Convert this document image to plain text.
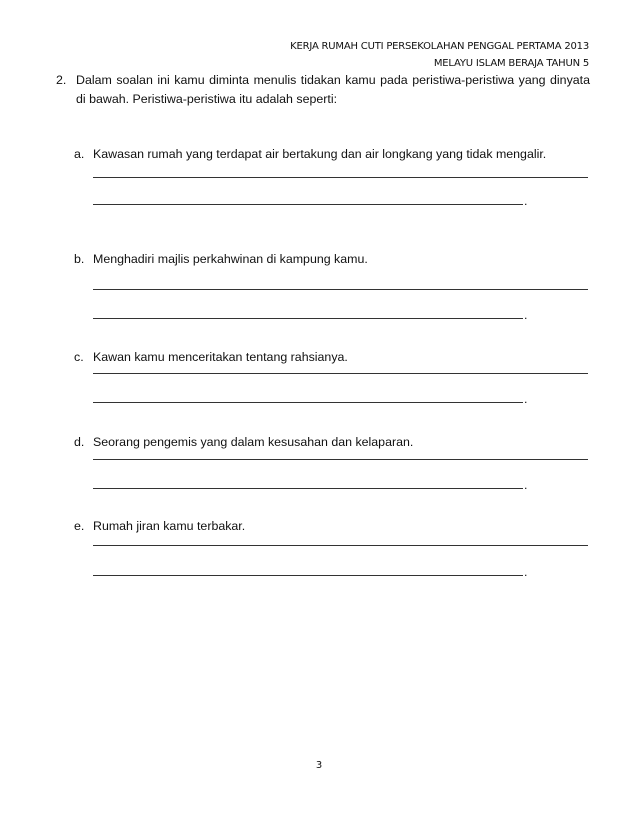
KERJA RUMAH CUTI PERSEKOLAHAN PENGGAL PERTAMA 2013
MELAYU ISLAM BERAJA TAHUN 5
2. Dalam soalan ini kamu diminta menulis tidakan kamu pada peristiwa-peristiwa yang dinyata di bawah. Peristiwa-peristiwa itu adalah seperti:
a. Kawasan rumah yang terdapat air bertakung dan air longkang yang tidak mengalir.
.
b. Menghadiri majlis perkahwinan di kampung kamu.
.
c. Kawan kamu menceritakan tentang rahsianya.
.
d. Seorang pengemis yang dalam kesusahan dan kelaparan.
.
e. Rumah jiran kamu terbakar.
.
3
